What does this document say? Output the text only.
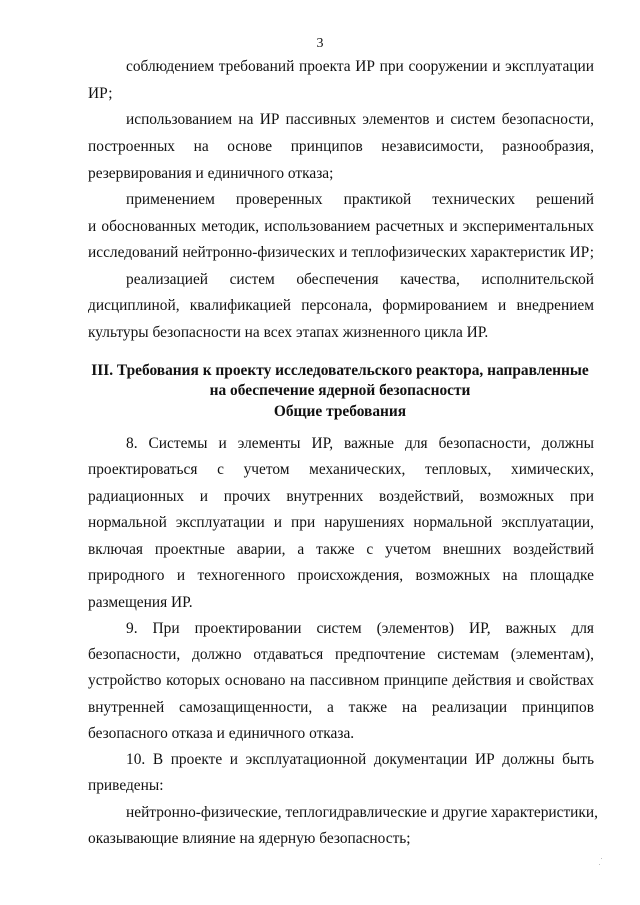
3
соблюдением требований проекта ИР при сооружении и эксплуатации
ИР;
использованием на ИР пассивных элементов и систем безопасности,
построенных на основе принципов независимости, разнообразия,
резервирования и единичного отказа;
применением проверенных практикой технических решений
и обоснованных методик, использованием расчетных и экспериментальных
исследований нейтронно-физических и теплофизических характеристик ИР;
реализацией систем обеспечения качества, исполнительской
дисциплиной, квалификацией персонала, формированием и внедрением
культуры безопасности на всех этапах жизненного цикла ИР.
III. Требования к проекту исследовательского реактора, направленные
на обеспечение ядерной безопасности
Общие требования
8. Системы и элементы ИР, важные для безопасности, должны
проектироваться с учетом механических, тепловых, химических,
радиационных и прочих внутренних воздействий, возможных при
нормальной эксплуатации и при нарушениях нормальной эксплуатации,
включая проектные аварии, а также с учетом внешних воздействий
природного и техногенного происхождения, возможных на площадке
размещения ИР.
9. При проектировании систем (элементов) ИР, важных для
безопасности, должно отдаваться предпочтение системам (элементам),
устройство которых основано на пассивном принципе действия и свойствах
внутренней самозащищенности, а также на реализации принципов
безопасного отказа и единичного отказа.
10. В проекте и эксплуатационной документации ИР должны быть
приведены:
нейтронно-физические, теплогидравлические и другие характеристики,
оказывающие влияние на ядерную безопасность;
